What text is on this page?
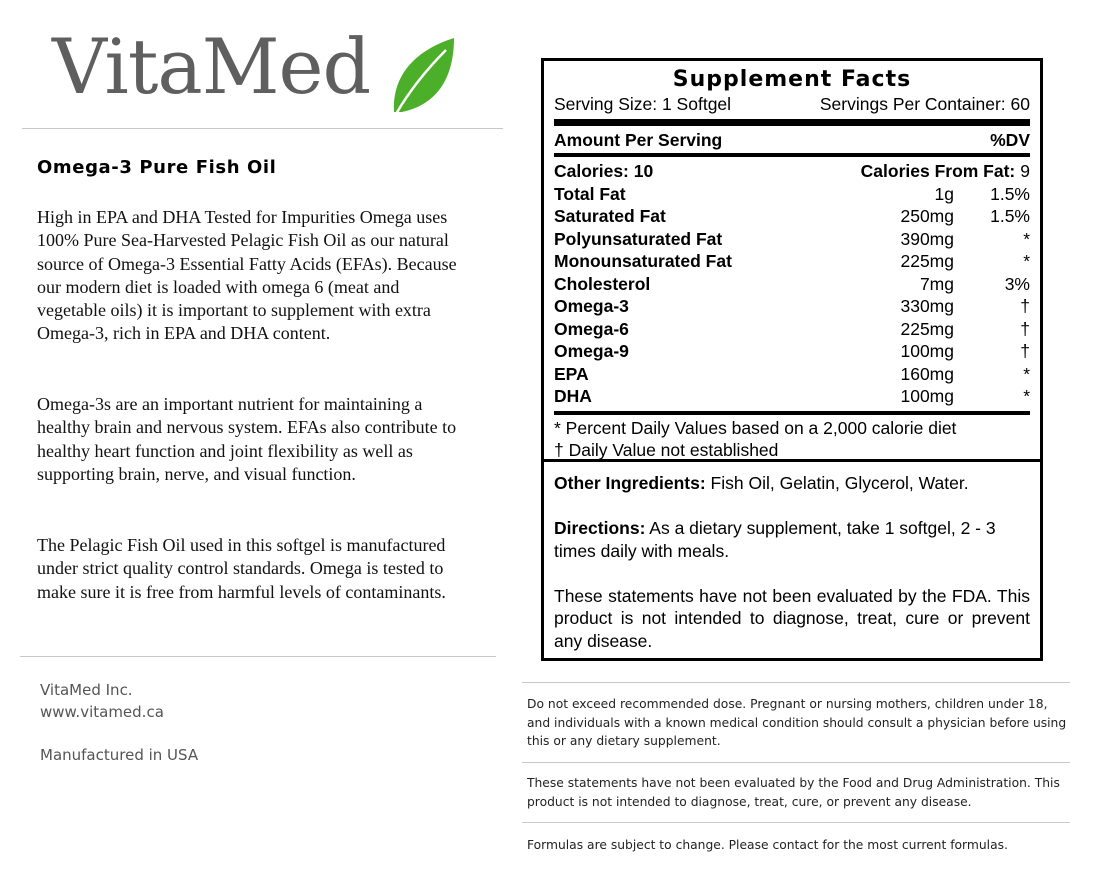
VitaMed
Omega-3 Pure Fish Oil
High in EPA and DHA Tested for Impurities Omega uses 100% Pure Sea-Harvested Pelagic Fish Oil as our natural source of Omega-3 Essential Fatty Acids (EFAs). Because our modern diet is loaded with omega 6 (meat and vegetable oils) it is important to supplement with extra Omega-3, rich in EPA and DHA content.
Omega-3s are an important nutrient for maintaining a healthy brain and nervous system. EFAs also contribute to healthy heart function and joint flexibility as well as supporting brain, nerve, and visual function.
The Pelagic Fish Oil used in this softgel is manufactured under strict quality control standards. Omega is tested to make sure it is free from harmful levels of contaminants.
VitaMed Inc.
www.vitamed.ca
Manufactured in USA
Supplement Facts
Serving Size: 1 Softgel	Servings Per Container: 60
Amount Per Serving	%DV
Calories: 10	Calories From Fat: 9
Total Fat	1g	1.5%
Saturated Fat	250mg	1.5%
Polyunsaturated Fat	390mg	*
Monounsaturated Fat	225mg	*
Cholesterol	7mg	3%
Omega-3	330mg	†
Omega-6	225mg	†
Omega-9	100mg	†
EPA	160mg	*
DHA	100mg	*
* Percent Daily Values based on a 2,000 calorie diet
† Daily Value not established

Other Ingredients: Fish Oil, Gelatin, Glycerol, Water.

Directions: As a dietary supplement, take 1 softgel, 2 - 3 times daily with meals.

These statements have not been evaluated by the FDA. This product is not intended to diagnose, treat, cure or prevent any disease.

Do not exceed recommended dose. Pregnant or nursing mothers, children under 18, and individuals with a known medical condition should consult a physician before using this or any dietary supplement.
These statements have not been evaluated by the Food and Drug Administration. This product is not intended to diagnose, treat, cure, or prevent any disease.
Formulas are subject to change. Please contact for the most current formulas.
